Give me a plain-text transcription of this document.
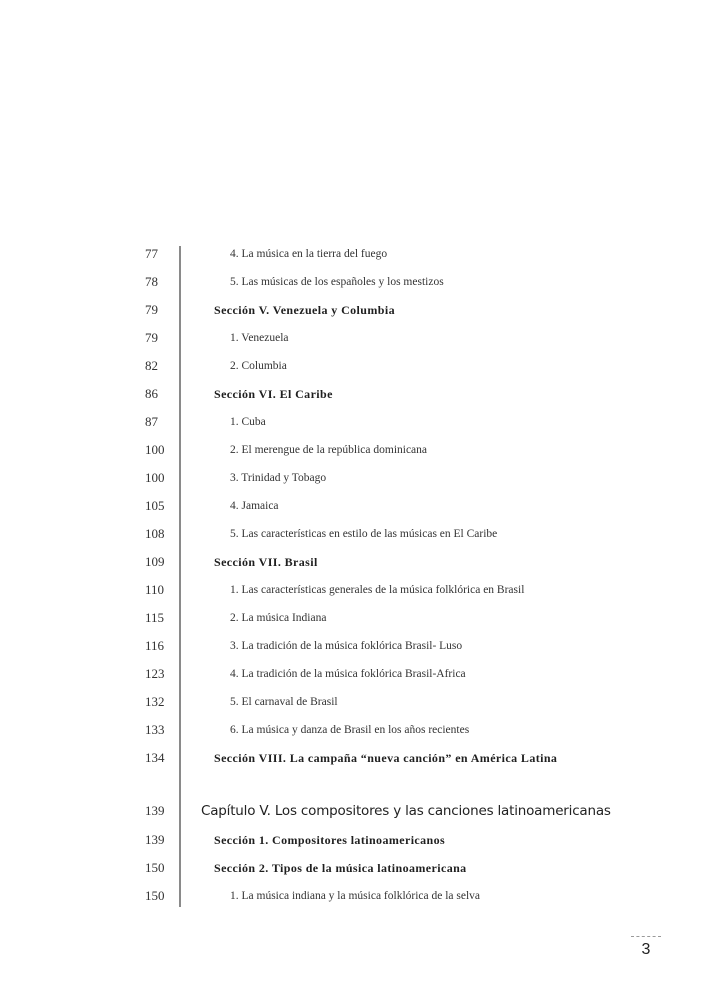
77	4. La música en la tierra del fuego
78	5. Las músicas de los españoles y los mestizos
79	Sección V. Venezuela y Columbia
79	1. Venezuela
82	2. Columbia
86	Sección VI. El Caribe
87	1. Cuba
100	2. El merengue de la república dominicana
100	3. Trinidad y Tobago
105	4. Jamaica
108	5. Las características en estilo de las músicas en El Caribe
109	Sección VII. Brasil
110	1. Las características generales de la música folklórica en Brasil
115	2. La música Indiana
116	3. La tradición de la música foklórica Brasil- Luso
123	4. La tradición de la música foklórica Brasil-Africa
132	5. El carnaval de Brasil
133	6. La música y danza de Brasil en los años recientes
134	Sección VIII. La campaña “nueva canción” en América Latina
139	Capítulo V. Los compositores y las canciones latinoamericanas
139	Sección 1. Compositores latinoamericanos
150	Sección 2. Tipos de la música latinoamericana
150	1. La música indiana y la música folklórica de la selva
3
